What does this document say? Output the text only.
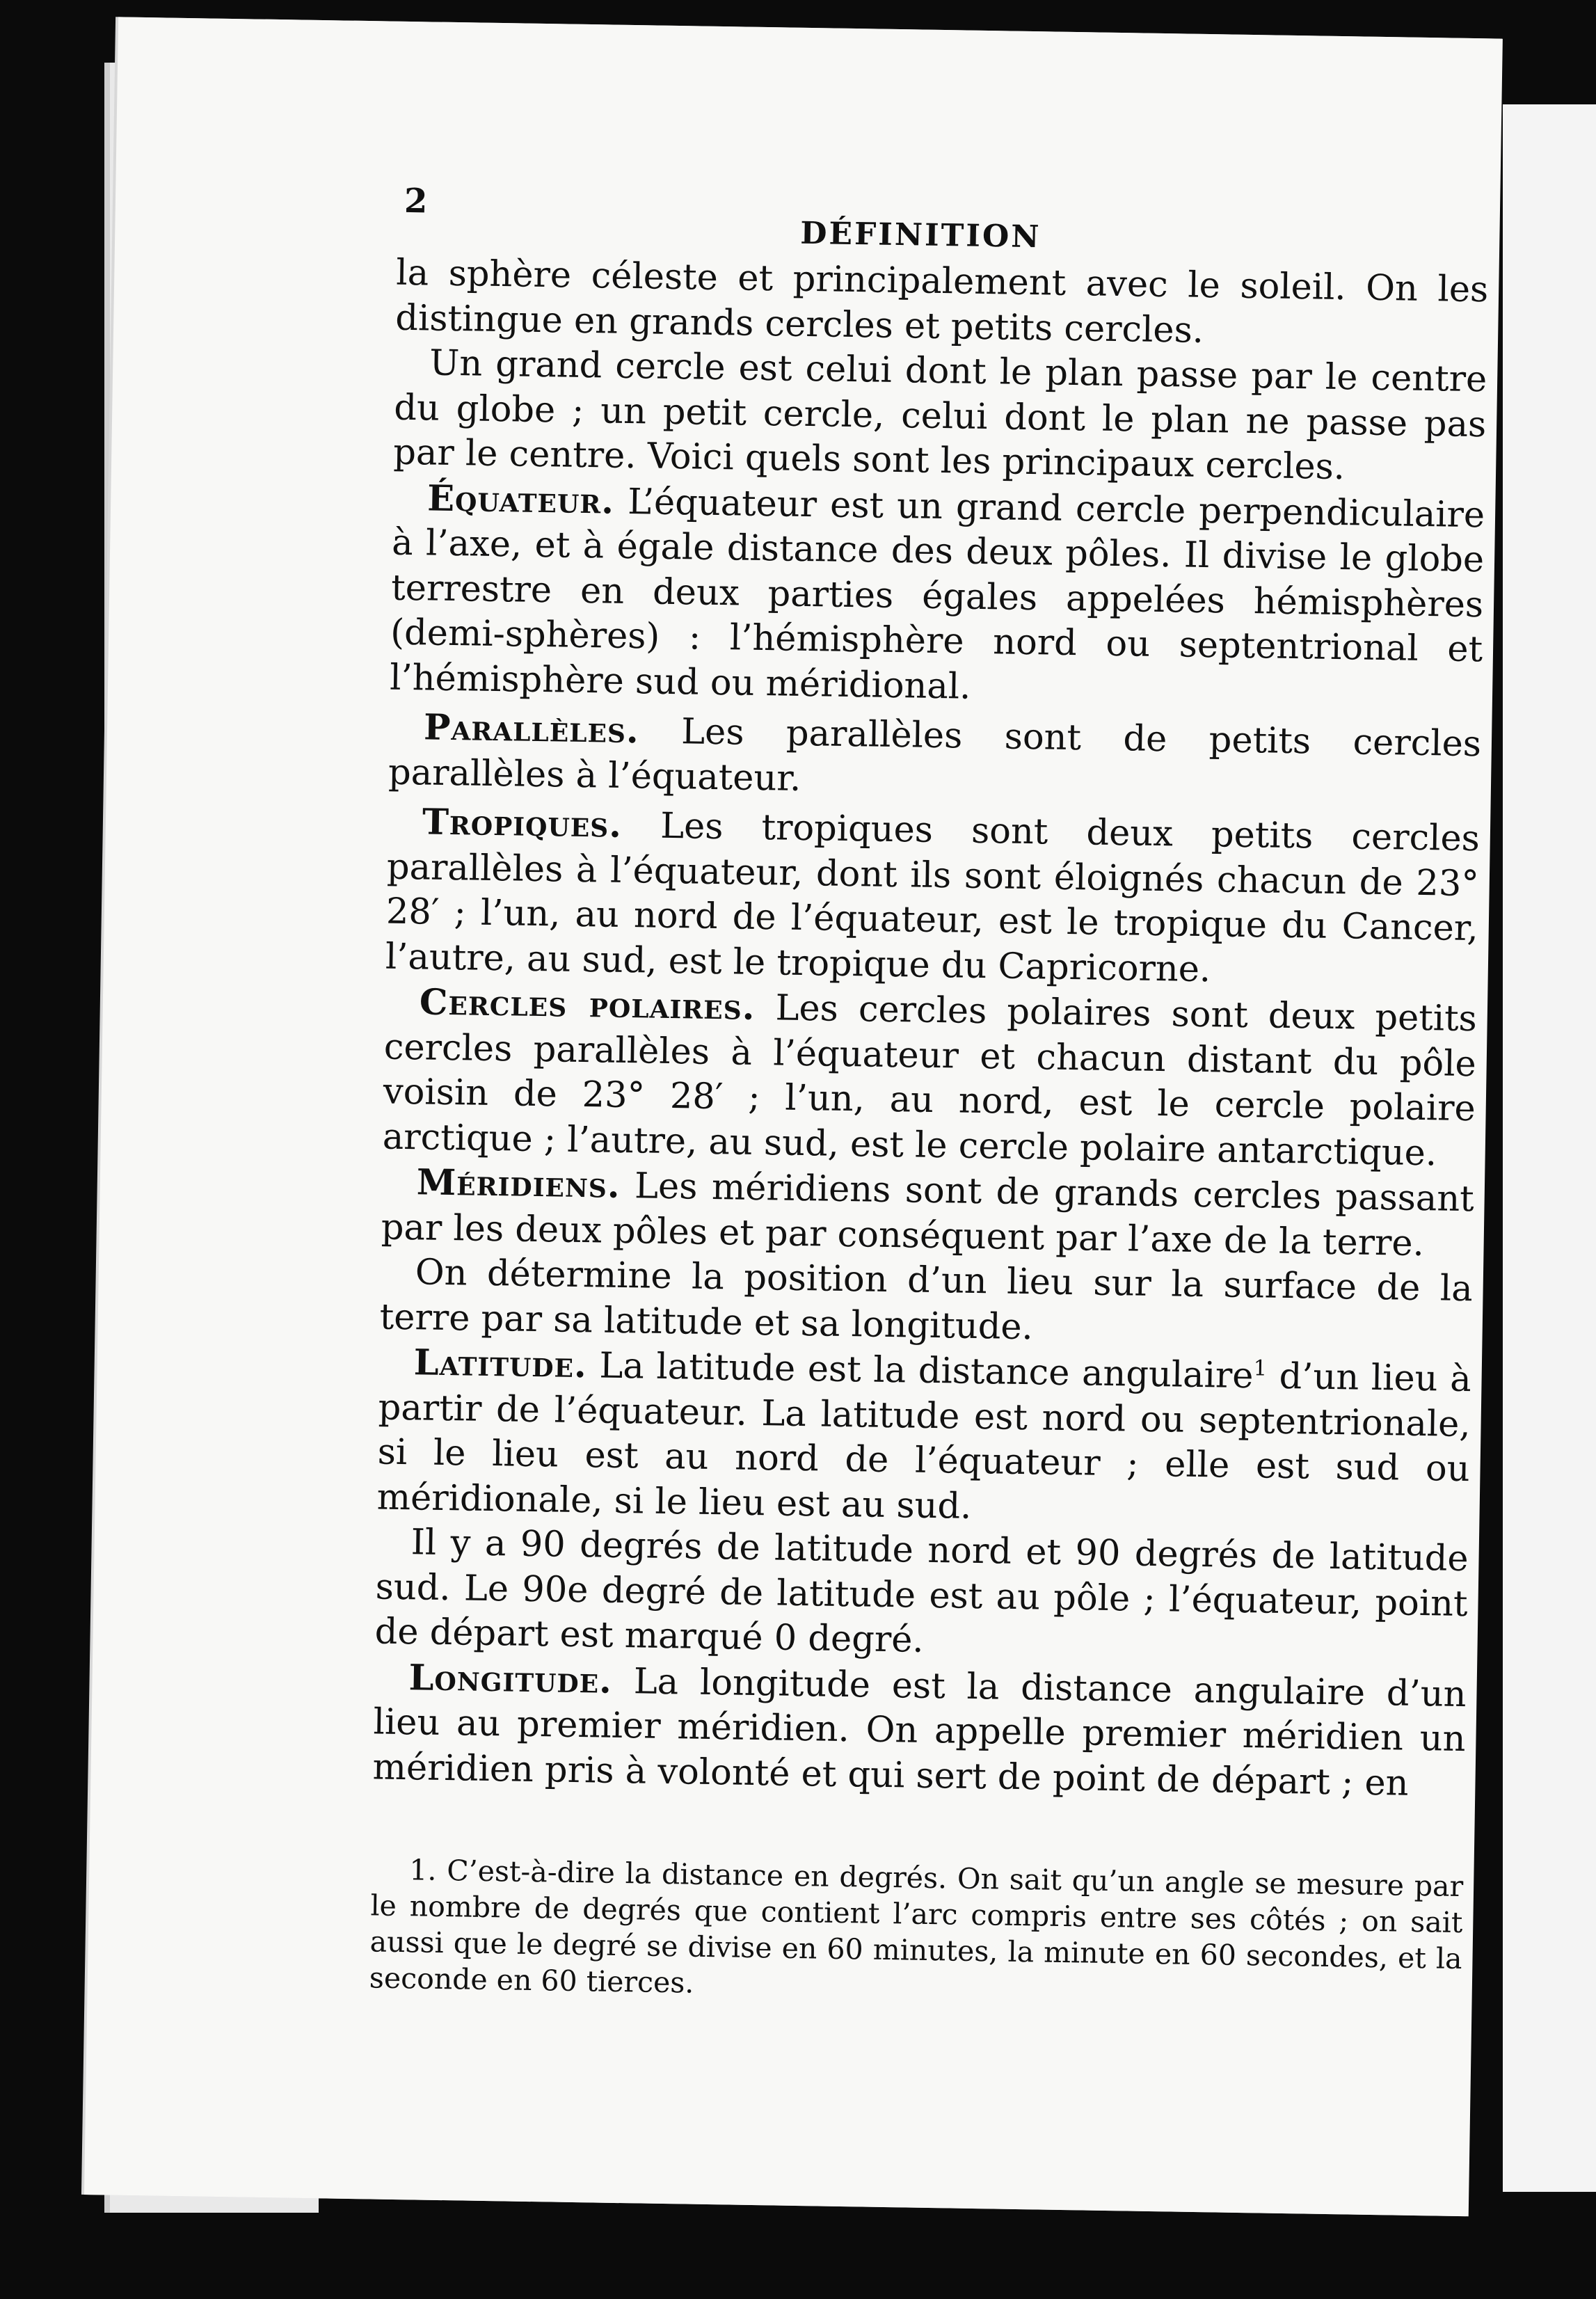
2
DÉFINITION

la sphère céleste et principalement avec le soleil. On les distingue en grands cercles et petits cercles.

Un grand cercle est celui dont le plan passe par le centre du globe ; un petit cercle, celui dont le plan ne passe pas par le centre. Voici quels sont les principaux cercles.

Équateur. L’équateur est un grand cercle perpendiculaire à l’axe, et à égale distance des deux pôles. Il divise le globe terrestre en deux parties égales appelées hémisphères (demi-sphères) : l’hémisphère nord ou septentrional et l’hémisphère sud ou méridional.

Parallèles. Les parallèles sont de petits cercles parallèles à l’équateur.

Tropiques. Les tropiques sont deux petits cercles parallèles à l’équateur, dont ils sont éloignés chacun de 23° 28′ ; l’un, au nord de l’équateur, est le tropique du Cancer, l’autre, au sud, est le tropique du Capricorne.

Cercles polaires. Les cercles polaires sont deux petits cercles parallèles à l’équateur et chacun distant du pôle voisin de 23° 28′ ; l’un, au nord, est le cercle polaire arctique ; l’autre, au sud, est le cercle polaire antarctique.

Méridiens. Les méridiens sont de grands cercles passant par les deux pôles et par conséquent par l’axe de la terre.

On détermine la position d’un lieu sur la surface de la terre par sa latitude et sa longitude.

Latitude. La latitude est la distance angulaire$^1$ d’un lieu à partir de l’équateur. La latitude est nord ou septentrionale, si le lieu est au nord de l’équateur ; elle est sud ou méridionale, si le lieu est au sud.

Il y a 90 degrés de latitude nord et 90 degrés de latitude sud. Le 90e degré de latitude est au pôle ; l’équateur, point de départ est marqué 0 degré.

Longitude. La longitude est la distance angulaire d’un lieu au premier méridien. On appelle premier méridien un méridien pris à volonté et qui sert de point de départ ; en

1. C’est-à-dire la distance en degrés. On sait qu’un angle se mesure par le nombre de degrés que contient l’arc compris entre ses côtés ; on sait aussi que le degré se divise en 60 minutes, la minute en 60 secondes, et la seconde en 60 tierces.
